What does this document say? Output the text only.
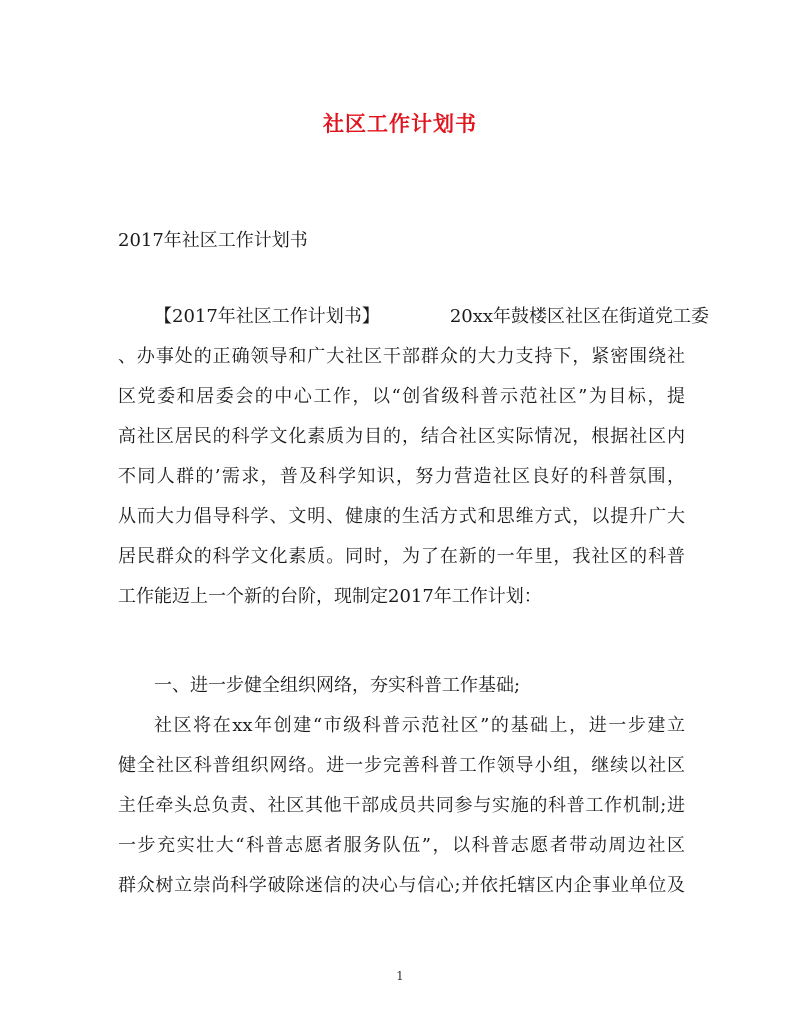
社区工作计划书
2017年社区工作计划书
【2017年社区工作计划书】	20xx年鼓楼区社区在街道党工委
、办事处的正确领导和广大社区干部群众的大力支持下，紧密围绕社
区党委和居委会的中心工作，以“创省级科普示范社区”为目标，提
高社区居民的科学文化素质为目的，结合社区实际情况，根据社区内
不同人群的’需求，普及科学知识，努力营造社区良好的科普氛围，
从而大力倡导科学、文明、健康的生活方式和思维方式，以提升广大
居民群众的科学文化素质。同时，为了在新的一年里，我社区的科普
工作能迈上一个新的台阶，现制定2017年工作计划：
一、进一步健全组织网络，夯实科普工作基础;
社区将在xx年创建“市级科普示范社区”的基础上，进一步建立
健全社区科普组织网络。进一步完善科普工作领导小组，继续以社区
主任牵头总负责、社区其他干部成员共同参与实施的科普工作机制;进
一步充实壮大“科普志愿者服务队伍”，以科普志愿者带动周边社区
群众树立崇尚科学破除迷信的决心与信心;并依托辖区内企事业单位及
1
